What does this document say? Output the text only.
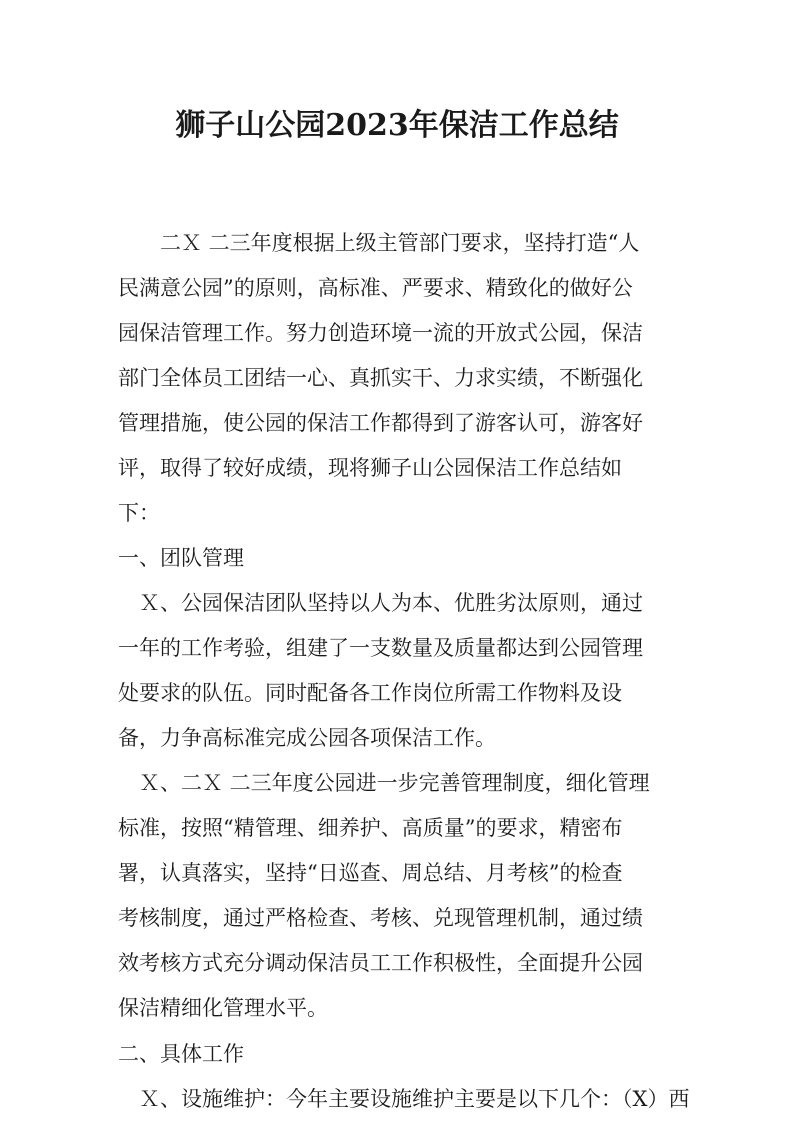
狮子山公园2023年保洁工作总结
　　二Ｘ 二三年度根据上级主管部门要求，坚持打造“人
民满意公园”的原则，高标准、严要求、精致化的做好公
园保洁管理工作。努力创造环境一流的开放式公园，保洁
部门全体员工团结一心、真抓实干、力求实绩，不断强化
管理措施，使公园的保洁工作都得到了游客认可，游客好
评，取得了较好成绩，现将狮子山公园保洁工作总结如
下：
一、团队管理
　Ｘ、公园保洁团队坚持以人为本、优胜劣汰原则，通过
一年的工作考验，组建了一支数量及质量都达到公园管理
处要求的队伍。同时配备各工作岗位所需工作物料及设
备，力争高标准完成公园各项保洁工作。
　Ｘ、二Ｘ 二三年度公园进一步完善管理制度，细化管理
标准，按照“精管理、细养护、高质量”的要求，精密布
署，认真落实，坚持“日巡查、周总结、月考核”的检查
考核制度，通过严格检查、考核、兑现管理机制，通过绩
效考核方式充分调动保洁员工工作积极性，全面提升公园
保洁精细化管理水平。
二、具体工作
　Ｘ、设施维护：今年主要设施维护主要是以下几个：（X）西
